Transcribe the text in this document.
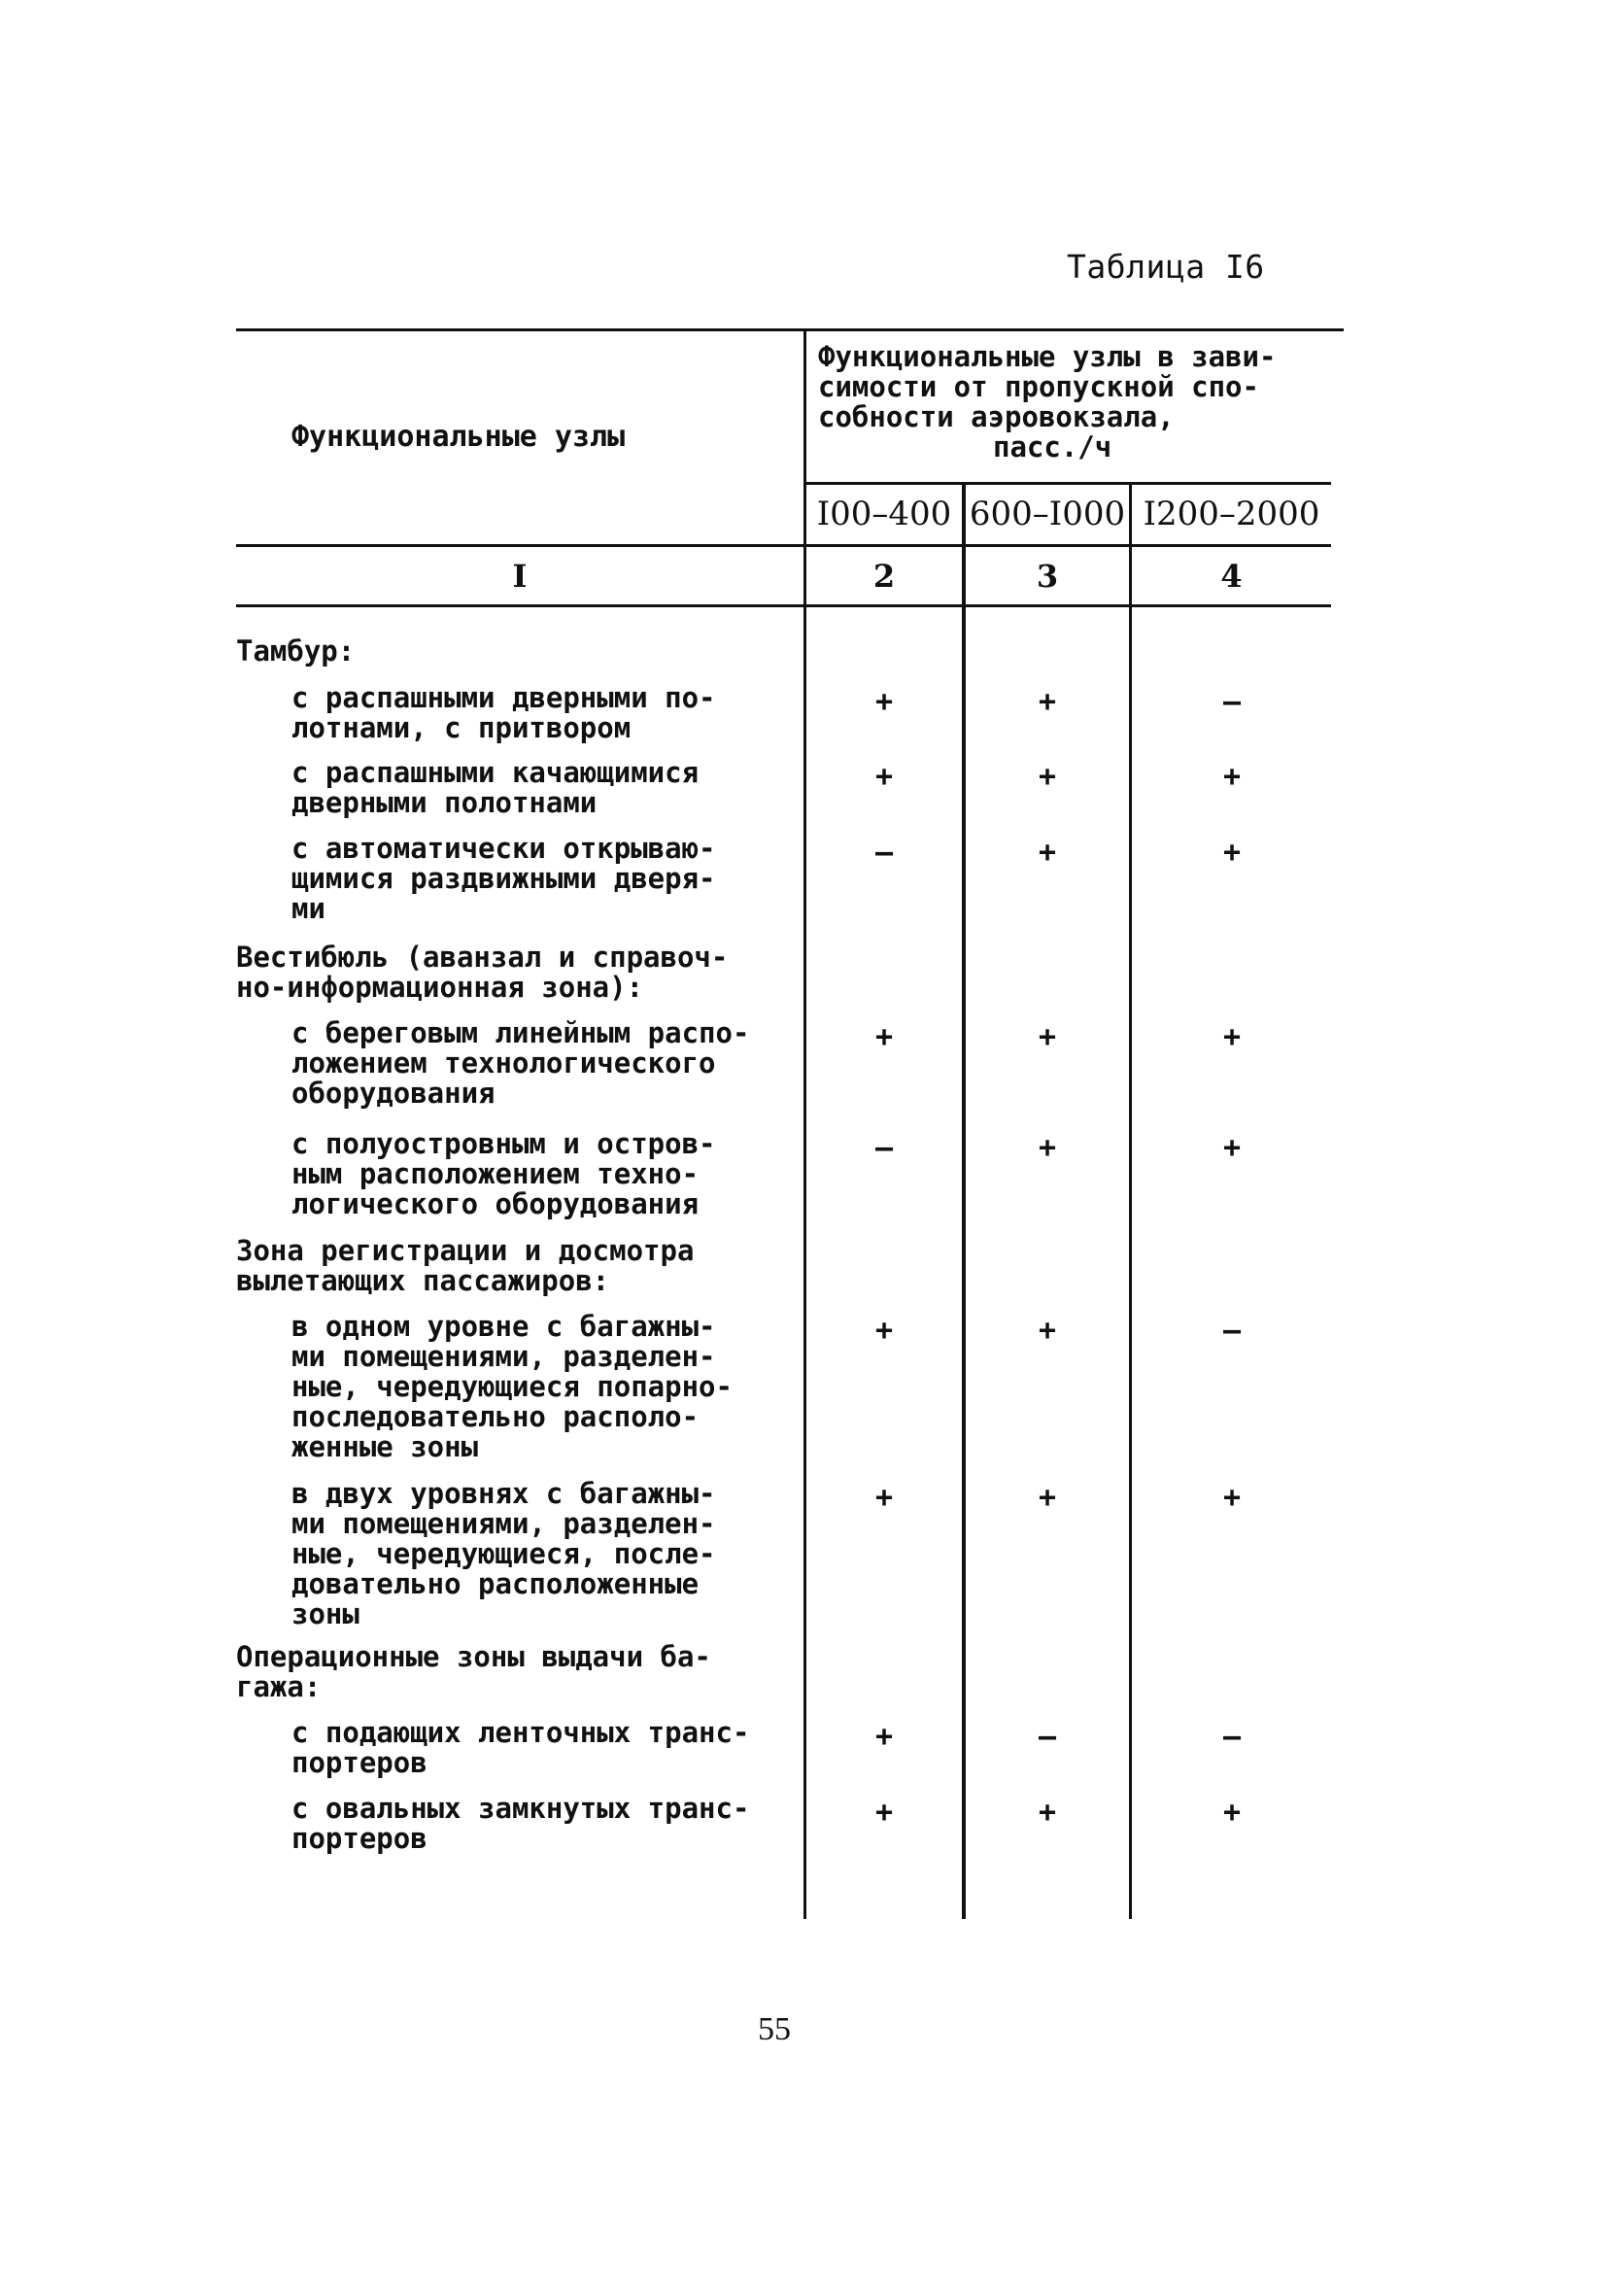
Таблица I6
Функциональные узлы
Функциональные узлы в зави-
симости от пропускной спо-
собности аэровокзала,

пасс./ч
I00–400 600–I000 I200–2000
I	2	3	4
Тамбур:
с распашными дверными по-
лотнами, с притвором
+	+	–
с распашными качающимися
дверными полотнами
+	+	+
с автоматически открываю-
щимися раздвижными дверя-
ми
–	+	+
Вестибюль (аванзал и справоч-
но-информационная зона):
с береговым линейным распо-
ложением технологического
оборудования
+	+	+
с полуостровным и остров-
ным расположением техно-
логического оборудования
–	+	+
Зона регистрации и досмотра
вылетающих пассажиров:
в одном уровне с багажны-
ми помещениями, разделен-
ные, чередующиеся попарно-
последовательно располо-
женные зоны
+	+	–
в двух уровнях с багажны-
ми помещениями, разделен-
ные, чередующиеся, после-
довательно расположенные
зоны
+	+	+
Операционные зоны выдачи ба-
гажа:
с подающих ленточных транс-
портеров
+	–	–
с овальных замкнутых транс-
портеров
+	+	+
55
